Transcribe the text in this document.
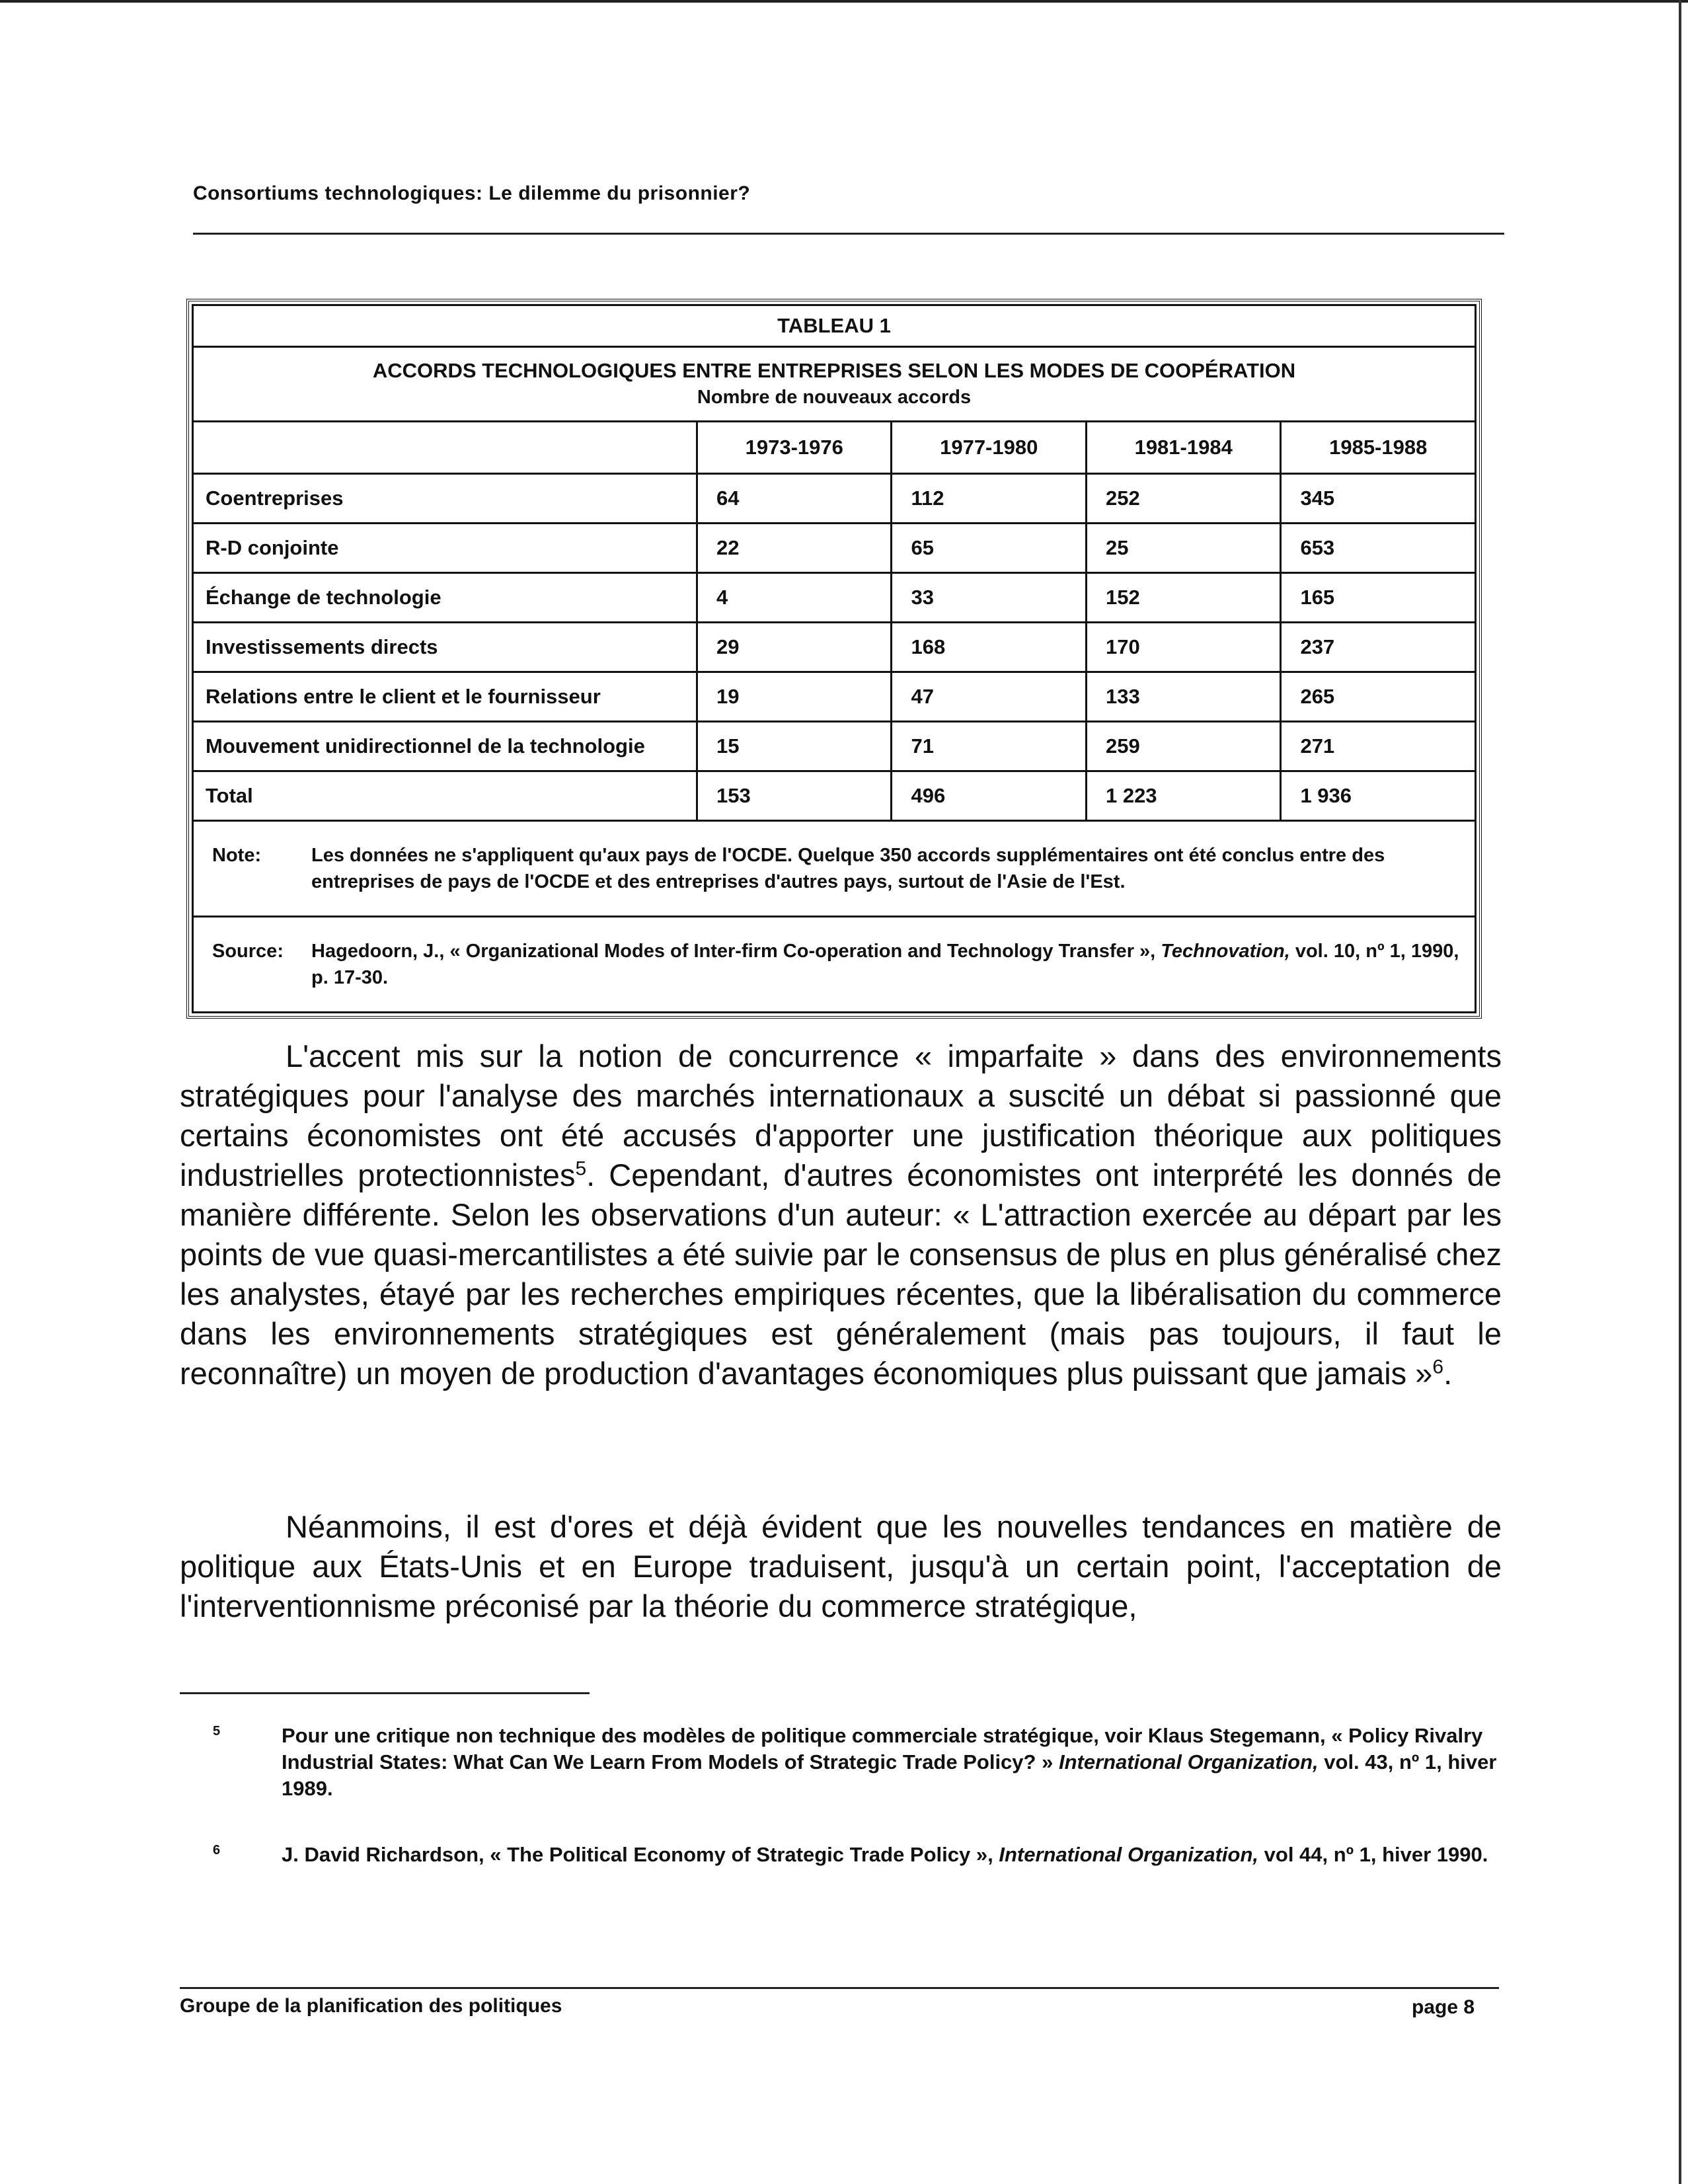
Consortiums technologiques: Le dilemme du prisonnier?
TABLEAU 1				

ACCORDS TECHNOLOGIQUES ENTRE ENTREPRISES SELON LES MODES DE COOPÉRATION
Nombre de nouveaux accords				

	1973-1976	1977-1980	1981-1984	1985-1988
Coentreprises	64	112	252	345
R-D conjointe	22	65	25	653
Échange de technologie	4	33	152	165
Investissements directs	29	168	170	237
Relations entre le client et le fournisseur	19	47	133	265
Mouvement unidirectionnel de la technologie	15	71	259	271
Total	153	496	1 223	1 936

Note: Les données ne s'appliquent qu'aux pays de l'OCDE. Quelque 350 accords supplémentaires ont été conclus entre des entreprises de pays de l'OCDE et des entreprises d'autres pays, surtout de l'Asie de l'Est.				

Source: Hagedoorn, J., « Organizational Modes of Inter-firm Co-operation and Technology Transfer », Technovation, vol. 10, nº 1, 1990, p. 17-30.				

L'accent mis sur la notion de concurrence « imparfaite » dans des environnements stratégiques pour l'analyse des marchés internationaux a suscité un débat si passionné que certains économistes ont été accusés d'apporter une justification théorique aux politiques industrielles protectionnistes$^5$. Cependant, d'autres économistes ont interprété les donnés de manière différente. Selon les observations d'un auteur: « L'attraction exercée au départ par les points de vue quasi-mercantilistes a été suivie par le consensus de plus en plus généralisé chez les analystes, étayé par les recherches empiriques récentes, que la libéralisation du commerce dans les environnements stratégiques est généralement (mais pas toujours, il faut le reconnaître) un moyen de production d'avantages économiques plus puissant que jamais »$^6$.

Néanmoins, il est d'ores et déjà évident que les nouvelles tendances en matière de politique aux États-Unis et en Europe traduisent, jusqu'à un certain point, l'acceptation de l'interventionnisme préconisé par la théorie du commerce stratégique,

5	Pour une critique non technique des modèles de politique commerciale stratégique, voir Klaus Stegemann, « Policy Rivalry Industrial States: What Can We Learn From Models of Strategic Trade Policy? » International Organization, vol. 43, nº 1, hiver 1989.
6	J. David Richardson, « The Political Economy of Strategic Trade Policy », International Organization, vol 44, nº 1, hiver 1990.
Groupe de la planification des politiques	page 8
